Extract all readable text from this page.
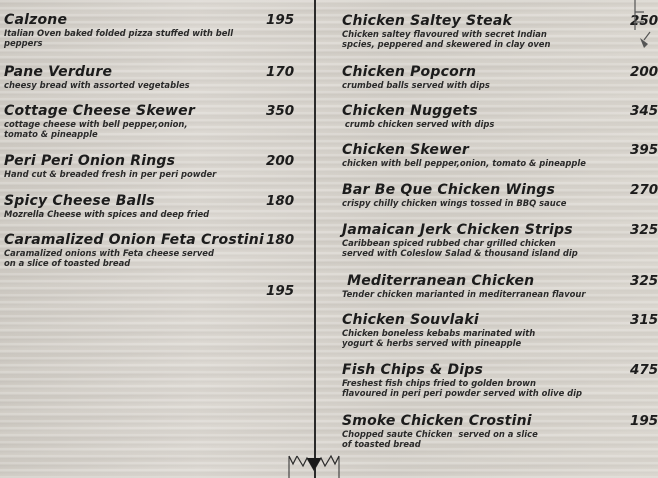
Calzone	195
Italian Oven baked folded pizza stuffed with bell
peppers
Pane Verdure	170
cheesy bread with assorted vegetables
Cottage Cheese Skewer	350
cottage cheese with bell pepper,onion,
tomato & pineapple
Peri Peri Onion Rings	200
Hand cut & breaded fresh in per peri powder
Spicy Cheese Balls	180
Mozrella Cheese with spices and deep fried
Caramalized Onion Feta Crostini 180
Caramalized onions with Feta cheese served
on a slice of toasted bread
195
Chicken Saltey Steak	250
Chicken saltey flavoured with secret Indian
spcies, peppered and skewered in clay oven
Chicken Popcorn	200
crumbed balls served with dips
Chicken Nuggets	345
crumb chicken served with dips
Chicken Skewer	395
chicken with bell pepper,onion, tomato & pineapple
Bar Be Que Chicken Wings	270
crispy chilly chicken wings tossed in BBQ sauce
Jamaican Jerk Chicken Strips	325
Caribbean spiced rubbed char grilled chicken
served with Coleslow Salad & thousand island dip
Mediterranean Chicken	325
Tender chicken marianted in mediterranean flavour
Chicken Souvlaki	315
Chicken boneless kebabs marinated with
yogurt & herbs served with pineapple
Fish Chips & Dips	475
Freshest fish chips fried to golden brown
flavoured in peri peri powder served with olive dip
Smoke Chicken Crostini	195
Chopped saute Chicken  served on a slice
of toasted bread
